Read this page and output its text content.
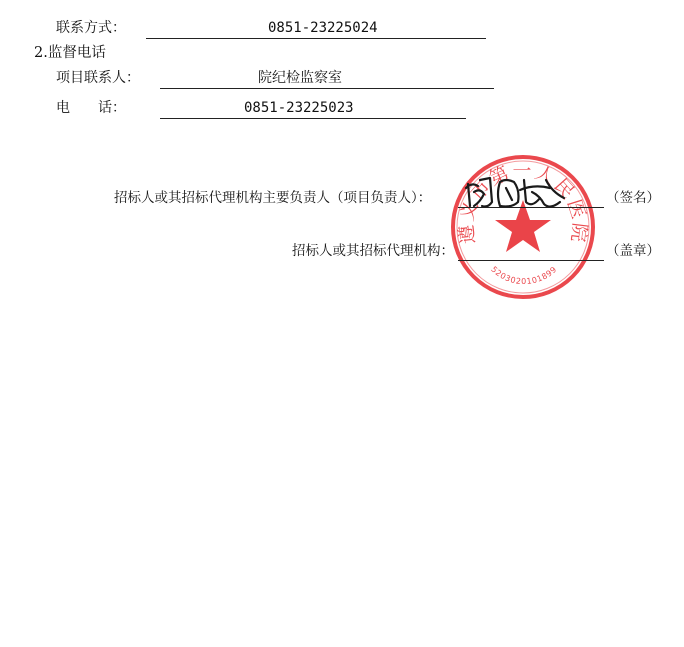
联系方式：	0851-23225024
2.监督电话
项目联系人：	院纪检监察室
电　　话：	0851-23225023
遵义市第一人民医院
5203020101899
招标人或其招标代理机构主要负责人（项目负责人）：	（签名）
招标人或其招标代理机构：	（盖章）
